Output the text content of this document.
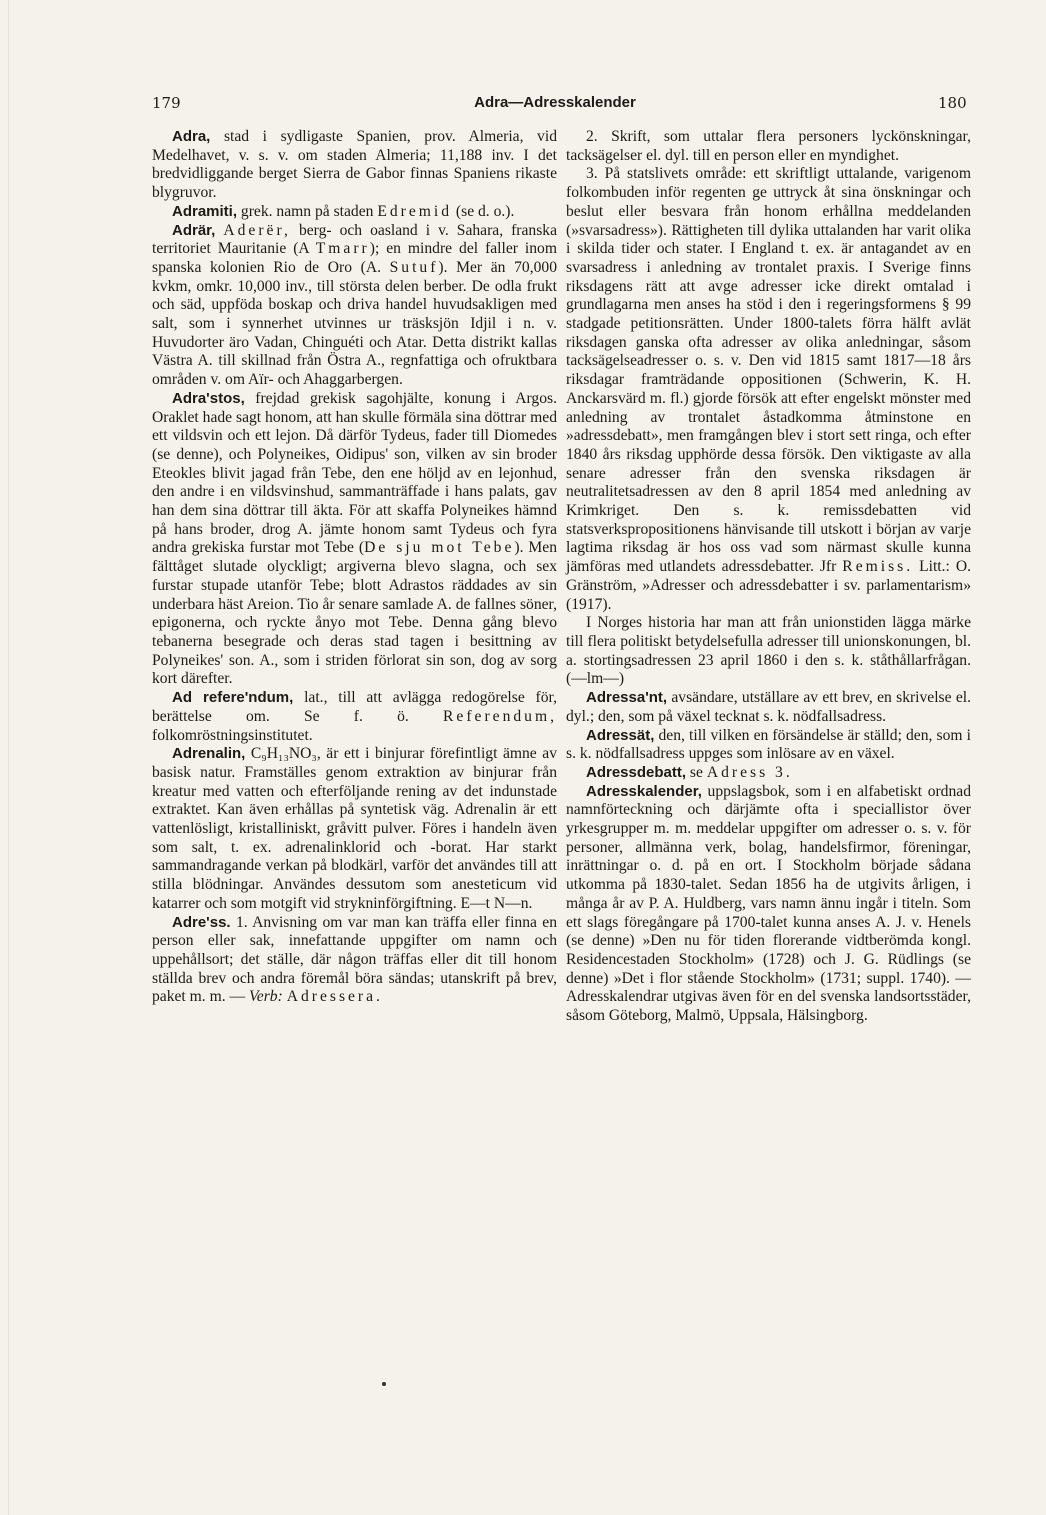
179	Adra—Adresskalender	180

Adra, stad i sydligaste Spanien, prov. Almeria, vid Medelhavet, v. s. v. om staden Almeria; 11,188 inv. I det bredvidliggande berget Sierra de Gabor finnas Spaniens rikaste blygruvor.

Adramiti, grek. namn på staden Edremid (se d. o.).

Adrär, Aderër, berg- och oasland i v. Sahara, franska territoriet Mauritanie (A Tmarr); en mindre del faller inom spanska kolonien Rio de Oro (A. Sutuf). Mer än 70,000 kvkm, omkr. 10,000 inv., till största delen berber. De odla frukt och säd, uppföda boskap och driva handel huvudsakligen med salt, som i synnerhet utvinnes ur träsksjön Idjil i n. v. Huvudorter äro Vadan, Chinguéti och Atar. Detta distrikt kallas Västra A. till skillnad från Östra A., regnfattiga och ofruktbara områden v. om Aïr- och Ahaggarbergen.

Adra'stos, frejdad grekisk sagohjälte, konung i Argos. Oraklet hade sagt honom, att han skulle förmäla sina döttrar med ett vildsvin och ett lejon. Då därför Tydeus, fader till Diomedes (se denne), och Polyneikes, Oidipus' son, vilken av sin broder Eteokles blivit jagad från Tebe, den ene höljd av en lejonhud, den andre i en vildsvinshud, sammanträffade i hans palats, gav han dem sina döttrar till äkta. För att skaffa Polyneikes hämnd på hans broder, drog A. jämte honom samt Tydeus och fyra andra grekiska furstar mot Tebe (De sju mot Tebe). Men fälttåget slutade olyckligt; argiverna blevo slagna, och sex furstar stupade utanför Tebe; blott Adrastos räddades av sin underbara häst Areion. Tio år senare samlade A. de fallnes söner, epigonerna, och ryckte ånyo mot Tebe. Denna gång blevo tebanerna besegrade och deras stad tagen i besittning av Polyneikes' son. A., som i striden förlorat sin son, dog av sorg kort därefter.

Ad refere'ndum, lat., till att avlägga redogörelse för, berättelse om. Se f. ö. Referendum, folkomröstningsinstitutet.

Adrenalin, C₉H₁₃NO₃, är ett i binjurar förefintligt ämne av basisk natur. Framställes genom extraktion av binjurar från kreatur med vatten och efterföljande rening av det indunstade extraktet. Kan även erhållas på syntetisk väg. Adrenalin är ett vattenlösligt, kristalliniskt, gråvitt pulver. Föres i handeln även som salt, t. ex. adrenalinklorid och -borat. Har starkt sammandragande verkan på blodkärl, varför det användes till att stilla blödningar. Användes dessutom som anesteticum vid katarrer och som motgift vid strykninförgiftning. E—t N—n.

Adre'ss. 1. Anvisning om var man kan träffa eller finna en person eller sak, innefattande uppgifter om namn och uppehållsort; det ställe, där någon träffas eller dit till honom ställda brev och andra föremål böra sändas; utanskrift på brev, paket m. m. — Verb: Adressera.

2. Skrift, som uttalar flera personers lyckönskningar, tacksägelser el. dyl. till en person eller en myndighet.

3. På statslivets område: ett skriftligt uttalande, varigenom folkombuden inför regenten ge uttryck åt sina önskningar och beslut eller besvara från honom erhållna meddelanden (»svarsadress»). Rättigheten till dylika uttalanden har varit olika i skilda tider och stater. I England t. ex. är antagandet av en svarsadress i anledning av trontalet praxis. I Sverige finns riksdagens rätt att avge adresser icke direkt omtalad i grundlagarna men anses ha stöd i den i regeringsformens § 99 stadgade petitionsrätten. Under 1800-talets förra hälft avlät riksdagen ganska ofta adresser av olika anledningar, såsom tacksägelseadresser o. s. v. Den vid 1815 samt 1817—18 års riksdagar framträdande oppositionen (Schwerin, K. H. Anckarsvärd m. fl.) gjorde försök att efter engelskt mönster med anledning av trontalet åstadkomma åtminstone en »adressdebatt», men framgången blev i stort sett ringa, och efter 1840 års riksdag upphörde dessa försök. Den viktigaste av alla senare adresser från den svenska riksdagen är neutralitetsadressen av den 8 april 1854 med anledning av Krimkriget. Den s. k. remissdebatten vid statsverkspropositionens hänvisande till utskott i början av varje lagtima riksdag är hos oss vad som närmast skulle kunna jämföras med utlandets adressdebatter. Jfr Remiss. Litt.: O. Gränström, »Adresser och adressdebatter i sv. parlamentarism» (1917).

I Norges historia har man att från unionstiden lägga märke till flera politiskt betydelsefulla adresser till unionskonungen, bl. a. stortingsadressen 23 april 1860 i den s. k. ståthållarfrågan. (—lm—)

Adressa'nt, avsändare, utställare av ett brev, en skrivelse el. dyl.; den, som på växel tecknat s. k. nödfallsadress.

Adressät, den, till vilken en försändelse är ställd; den, som i s. k. nödfallsadress uppges som inlösare av en växel.

Adressdebatt, se Adress 3.

Adresskalender, uppslagsbok, som i en alfabetiskt ordnad namnförteckning och därjämte ofta i speciallistor över yrkesgrupper m. m. meddelar uppgifter om adresser o. s. v. för personer, allmänna verk, bolag, handelsfirmor, föreningar, inrättningar o. d. på en ort. I Stockholm började sådana utkomma på 1830-talet. Sedan 1856 ha de utgivits årligen, i många år av P. A. Huldberg, vars namn ännu ingår i titeln. Som ett slags föregångare på 1700-talet kunna anses A. J. v. Henels (se denne) »Den nu för tiden florerande vidtberömda kongl. Residencestaden Stockholm» (1728) och J. G. Rüdlings (se denne) »Det i flor stående Stockholm» (1731; suppl. 1740). — Adresskalendrar utgivas även för en del svenska landsortsstäder, såsom Göteborg, Malmö, Uppsala, Hälsingborg.
